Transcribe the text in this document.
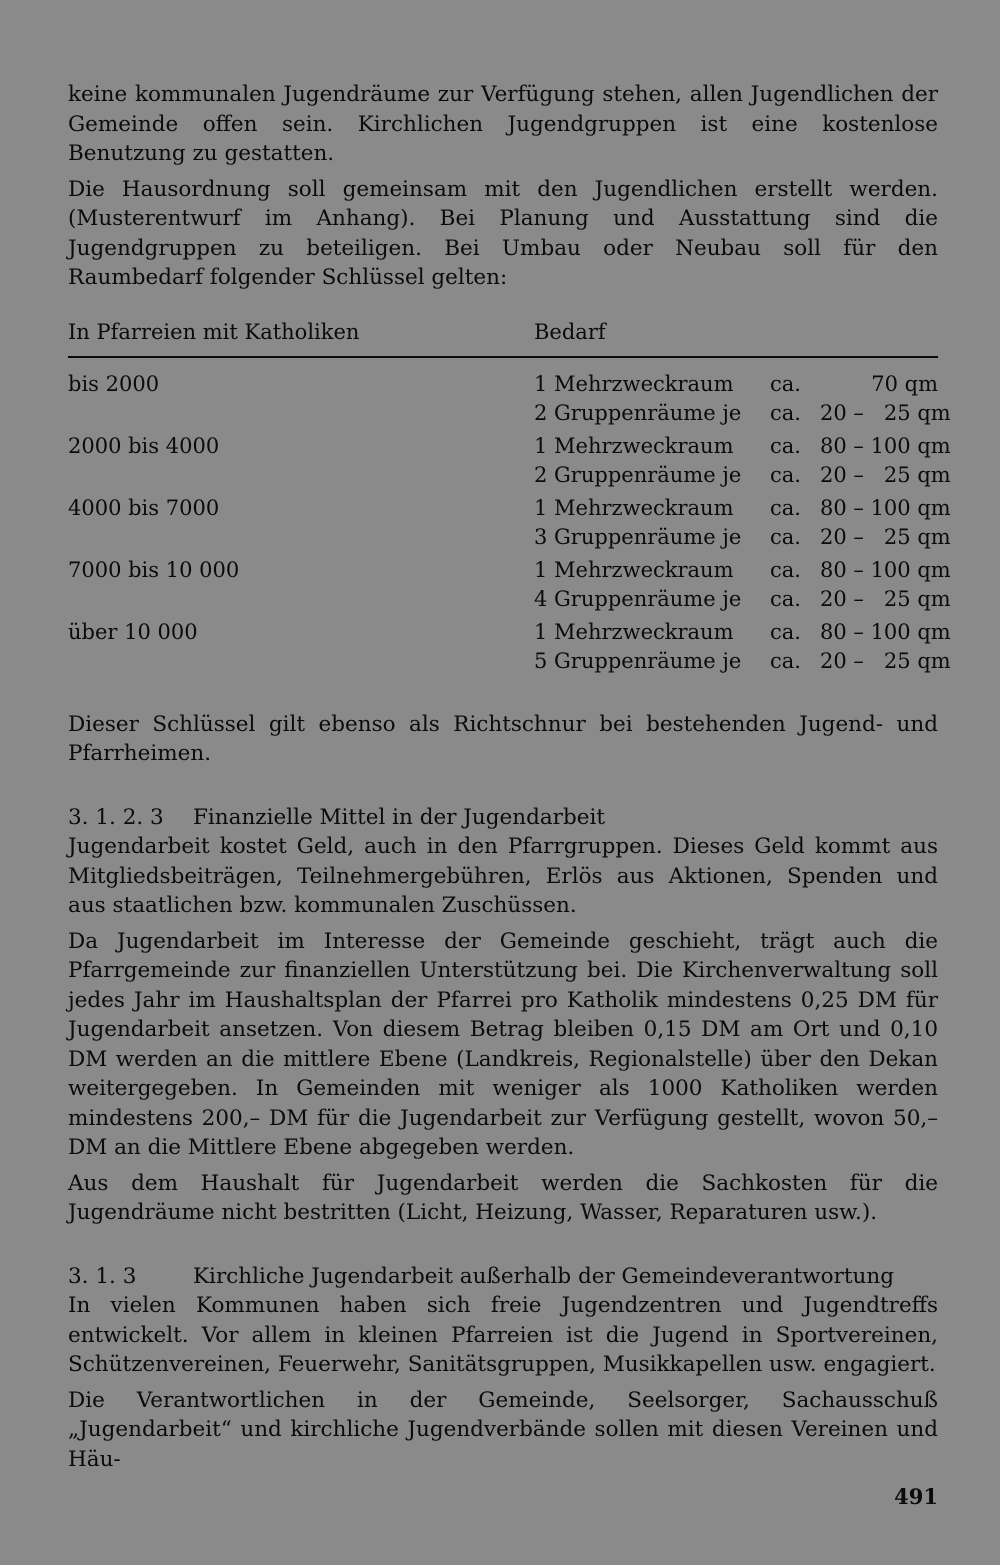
keine kommunalen Jugendräume zur Verfügung stehen, allen Jugendlichen der Gemeinde offen sein. Kirchlichen Jugendgruppen ist eine kostenlose Benutzung zu gestatten.

Die Hausordnung soll gemeinsam mit den Jugendlichen erstellt werden. (Musterentwurf im Anhang). Bei Planung und Ausstattung sind die Jugendgruppen zu beteiligen. Bei Umbau oder Neubau soll für den Raumbedarf folgender Schlüssel gelten:

In Pfarreien mit Katholiken	Bedarf
bis 2000	1 Mehrzweckraum	ca.	70 qm
2 Gruppenräume je	ca. 20 –   25 qm
2000 bis 4000	1 Mehrzweckraum	ca. 80 – 100 qm
2 Gruppenräume je	ca. 20 –   25 qm
4000 bis 7000	1 Mehrzweckraum	ca. 80 – 100 qm
3 Gruppenräume je	ca. 20 –   25 qm
7000 bis 10 000	1 Mehrzweckraum	ca. 80 – 100 qm
4 Gruppenräume je	ca. 20 –   25 qm
über 10 000	1 Mehrzweckraum	ca. 80 – 100 qm
5 Gruppenräume je	ca. 20 –   25 qm

Dieser Schlüssel gilt ebenso als Richtschnur bei bestehenden Jugend- und Pfarrheimen.

3. 1. 2. 3	Finanzielle Mittel in der Jugendarbeit

Jugendarbeit kostet Geld, auch in den Pfarrgruppen. Dieses Geld kommt aus Mitgliedsbeiträgen, Teilnehmergebühren, Erlös aus Aktionen, Spenden und aus staatlichen bzw. kommunalen Zuschüssen.

Da Jugendarbeit im Interesse der Gemeinde geschieht, trägt auch die Pfarrgemeinde zur finanziellen Unterstützung bei. Die Kirchenverwaltung soll jedes Jahr im Haushaltsplan der Pfarrei pro Katholik mindestens 0,25 DM für Jugendarbeit ansetzen. Von diesem Betrag bleiben 0,15 DM am Ort und 0,10 DM werden an die mittlere Ebene (Landkreis, Regionalstelle) über den Dekan weitergegeben. In Gemeinden mit weniger als 1000 Katholiken werden mindestens 200,– DM für die Jugendarbeit zur Verfügung gestellt, wovon 50,– DM an die Mittlere Ebene abgegeben werden.

Aus dem Haushalt für Jugendarbeit werden die Sachkosten für die Jugendräume nicht bestritten (Licht, Heizung, Wasser, Reparaturen usw.).

3. 1. 3	Kirchliche Jugendarbeit außerhalb der Gemeindeverantwortung

In vielen Kommunen haben sich freie Jugendzentren und Jugendtreffs entwickelt. Vor allem in kleinen Pfarreien ist die Jugend in Sportvereinen, Schützenvereinen, Feuerwehr, Sanitätsgruppen, Musikkapellen usw. engagiert.

Die Verantwortlichen in der Gemeinde, Seelsorger, Sachausschuß „Jugendarbeit“ und kirchliche Jugendverbände sollen mit diesen Vereinen und Häu-

491
